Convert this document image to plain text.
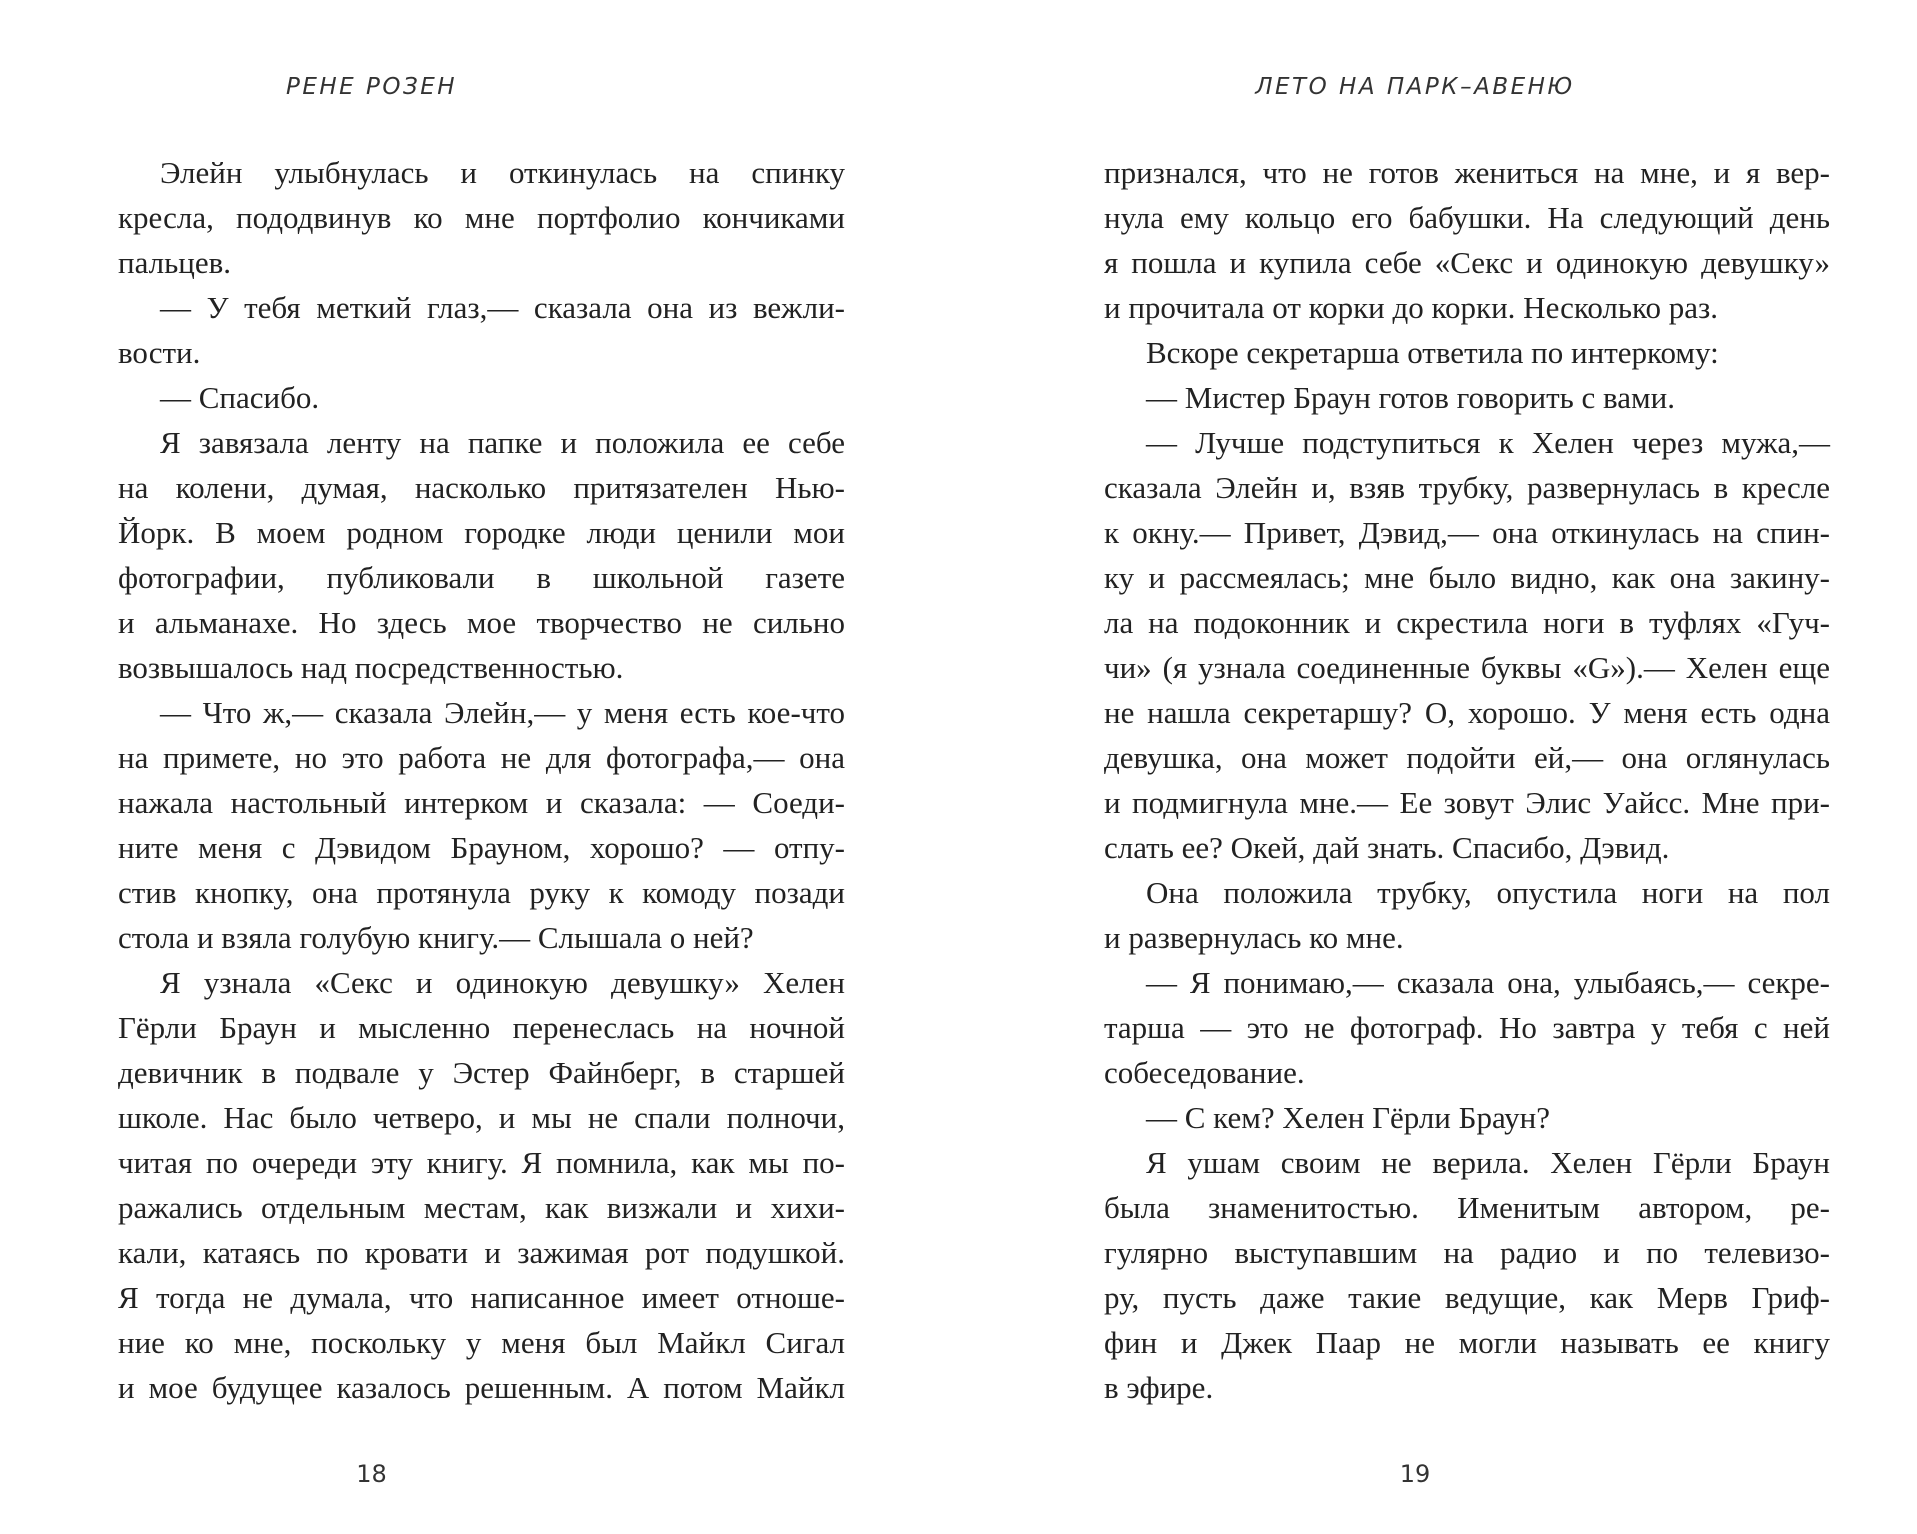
РЕНЕ РОЗЕН
Элейн улыбнулась и откинулась на спинку
кресла, пододвинув ко мне портфолио кончиками
пальцев.
— У тебя меткий глаз,— сказала она из вежли-
вости.
— Спасибо.
Я завязала ленту на папке и положила ее себе
на колени, думая, насколько притязателен Нью-
Йорк. В моем родном городке люди ценили мои
фотографии, публиковали в школьной газете
и альманахе. Но здесь мое творчество не сильно
возвышалось над посредственностью.
— Что ж,— сказала Элейн,— у меня есть кое-что
на примете, но это работа не для фотографа,— она
нажала настольный интерком и сказала: — Соеди-
ните меня с Дэвидом Брауном, хорошо? — отпу-
стив кнопку, она протянула руку к комоду позади
стола и взяла голубую книгу.— Слышала о ней?
Я узнала «Секс и одинокую девушку» Хелен
Гёрли Браун и мысленно перенеслась на ночной
девичник в подвале у Эстер Файнберг, в старшей
школе. Нас было четверо, и мы не спали полночи,
читая по очереди эту книгу. Я помнила, как мы по-
ражались отдельным местам, как визжали и хихи-
кали, катаясь по кровати и зажимая рот подушкой.
Я тогда не думала, что написанное имеет отноше-
ние ко мне, поскольку у меня был Майкл Сигал
и мое будущее казалось решенным. А потом Майкл
18
ЛЕТО НА ПАРК–АВЕНЮ
признался, что не готов жениться на мне, и я вер-
нула ему кольцо его бабушки. На следующий день
я пошла и купила себе «Секс и одинокую девушку»
и прочитала от корки до корки. Несколько раз.
Вскоре секретарша ответила по интеркому:
— Мистер Браун готов говорить с вами.
— Лучше подступиться к Хелен через мужа,—
сказала Элейн и, взяв трубку, развернулась в кресле
к окну.— Привет, Дэвид,— она откинулась на спин-
ку и рассмеялась; мне было видно, как она закину-
ла на подоконник и скрестила ноги в туфлях «Гуч-
чи» (я узнала соединенные буквы «G»).— Хелен еще
не нашла секретаршу? О, хорошо. У меня есть одна
девушка, она может подойти ей,— она оглянулась
и подмигнула мне.— Ее зовут Элис Уайсс. Мне при-
слать ее? Окей, дай знать. Спасибо, Дэвид.
Она положила трубку, опустила ноги на пол
и развернулась ко мне.
— Я понимаю,— сказала она, улыбаясь,— секре-
тарша — это не фотограф. Но завтра у тебя с ней
собеседование.
— С кем? Хелен Гёрли Браун?
Я ушам своим не верила. Хелен Гёрли Браун
была знаменитостью. Именитым автором, ре-
гулярно выступавшим на радио и по телевизо-
ру, пусть даже такие ведущие, как Мерв Гриф-
фин и Джек Паар не могли называть ее книгу
в эфире.
19
